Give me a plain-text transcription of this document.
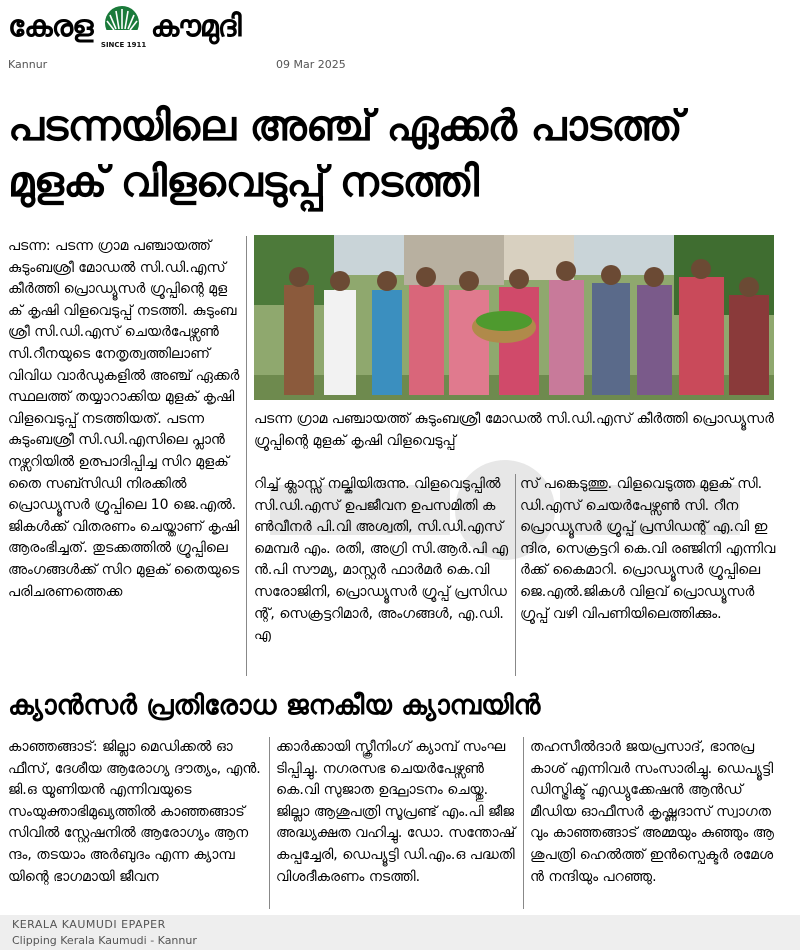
കേരള
SINCE 1911
കൗമുദി
Kannur	09 Mar 2025
പടന്നയിലെ അഞ്ച് ഏക്കർ പാടത്ത്
മുളക് വിളവെടുപ്പ് നടത്തി
പടന്ന: പടന്ന ഗ്രാമ പഞ്ചായത്ത് കുടുംബശ്രീ മോഡൽ സി.ഡി.എസ് കീർത്തി പ്രൊഡ്യൂസർ ഗ്രൂപ്പിന്റെ മുളക് കൃഷി വിളവെടുപ്പ് നടത്തി. കുടുംബശ്രീ സി.ഡി.എസ് ചെയർപേഴ്സൺ സി.റീനയുടെ നേതൃത്വത്തിലാണ് വിവിധ വാർഡുകളിൽ അഞ്ച് ഏക്കർ സ്ഥലത്ത് തയ്യാറാക്കിയ മുളക് കൃഷി വിളവെടുപ്പ് നടത്തിയത്. പടന്ന കുടുംബശ്രീ സി.ഡി.എസിലെ പ്ലാൻ നഴ്സറിയിൽ ഉത്പാദിപ്പിച്ച സിറ മുളക് തൈ സബ്സിഡി നിരക്കിൽ പ്രൊഡ്യൂസർ ഗ്രൂപ്പിലെ 10 ജെ.എൽ.ജികൾക്ക് വിതരണം ചെയ്താണ് കൃഷി ആരംഭിച്ചത്. തുടക്കത്തിൽ ഗ്രൂപ്പിലെ അംഗങ്ങൾക്ക് സിറ മുളക് തൈയുടെ പരിചരണത്തെക്ക
പടന്ന ഗ്രാമ പഞ്ചായത്ത് കുടുംബശ്രീ മോഡൽ സി.ഡി.എസ് കീർത്തി പ്രൊഡ്യൂസർ ഗ്രൂപ്പിന്റെ മുളക് കൃഷി വിളവെടുപ്പ്
റിച്ച് ക്ലാസ്സ് നല്കിയിരുന്നു. വിളവെടുപ്പിൽ സി.ഡി.എസ് ഉപജീവന ഉപസമിതി കൺവീനർ പി.വി അശ്വതി, സി.ഡി.എസ് മെമ്പർ എം. രതി, അഗ്രി സി.ആർ.പി എൻ.പി സൗമ്യ, മാസ്റ്റർ ഫാർമർ കെ.വി സരോജിനി, പ്രൊഡ്യൂസർ ഗ്രൂപ്പ് പ്രസിഡന്റ്, സെക്രട്ടറിമാർ, അംഗങ്ങൾ, എ.ഡി.എ
സ് പങ്കെടുത്തു. വിളവെടുത്ത മുളക് സി.ഡി.എസ് ചെയർപേഴ്സൺ സി. റീന പ്രൊഡ്യൂസർ ഗ്രൂപ്പ് പ്രസിഡന്റ് എ.വി ഇന്ദിര, സെക്രട്ടറി കെ.വി രഞ്ജിനി എന്നിവർക്ക് കൈമാറി. പ്രൊഡ്യൂസർ ഗ്രൂപ്പിലെ ജെ.എൽ.ജികൾ വിളവ് പ്രൊഡ്യൂസർ ഗ്രൂപ്പ് വഴി വിപണിയിലെത്തിക്കും.
ക്യാൻസർ പ്രതിരോധ ജനകീയ ക്യാമ്പയിൻ
കാഞ്ഞങ്ങാട്: ജില്ലാ മെഡിക്കൽ ഓഫീസ്, ദേശീയ ആരോഗ്യ ദൗത്യം, എൻ.ജി.ഒ യൂണിയൻ എന്നിവയുടെ സംയുക്താഭിമുഖ്യത്തിൽ കാഞ്ഞങ്ങാട് സിവിൽ സ്റ്റേഷനിൽ ആരോഗ്യം ആനന്ദം, തടയാം അർബുദം എന്ന ക്യാമ്പയിന്റെ ഭാഗമായി ജീവന
ക്കാർക്കായി സ്ക്രീനിംഗ് ക്യാമ്പ് സംഘടിപ്പിച്ചു. നഗരസഭ ചെയർപേഴ്സൺ കെ.വി സുജാത ഉദ്ഘാടനം ചെയ്തു. ജില്ലാ ആശുപത്രി സൂപ്രണ്ട് എം.പി ജീജ അദ്ധ്യക്ഷത വഹിച്ചു. ഡോ. സന്തോഷ് കപ്പച്ചേരി, ഡെപ്യൂട്ടി ഡി.എം.ഒ പദ്ധതി വിശദീകരണം നടത്തി.
തഹസീൽദാർ ജയപ്രസാദ്, ഭാനുപ്രകാശ് എന്നിവർ സംസാരിച്ചു. ഡെപ്യൂട്ടി ഡിസ്ട്രിക്ട് എഡ്യുക്കേഷൻ ആൻഡ് മീഡിയ ഓഫീസർ കൃഷ്ണദാസ് സ്വാഗതവും കാഞ്ഞങ്ങാട് അമ്മയും കുഞ്ഞും ആശുപത്രി ഹെൽത്ത് ഇൻസ്പെക്ടർ രമേശൻ നന്ദിയും പറഞ്ഞു.
KERALA KAUMUDI EPAPER
Clipping Kerala Kaumudi - Kannur
